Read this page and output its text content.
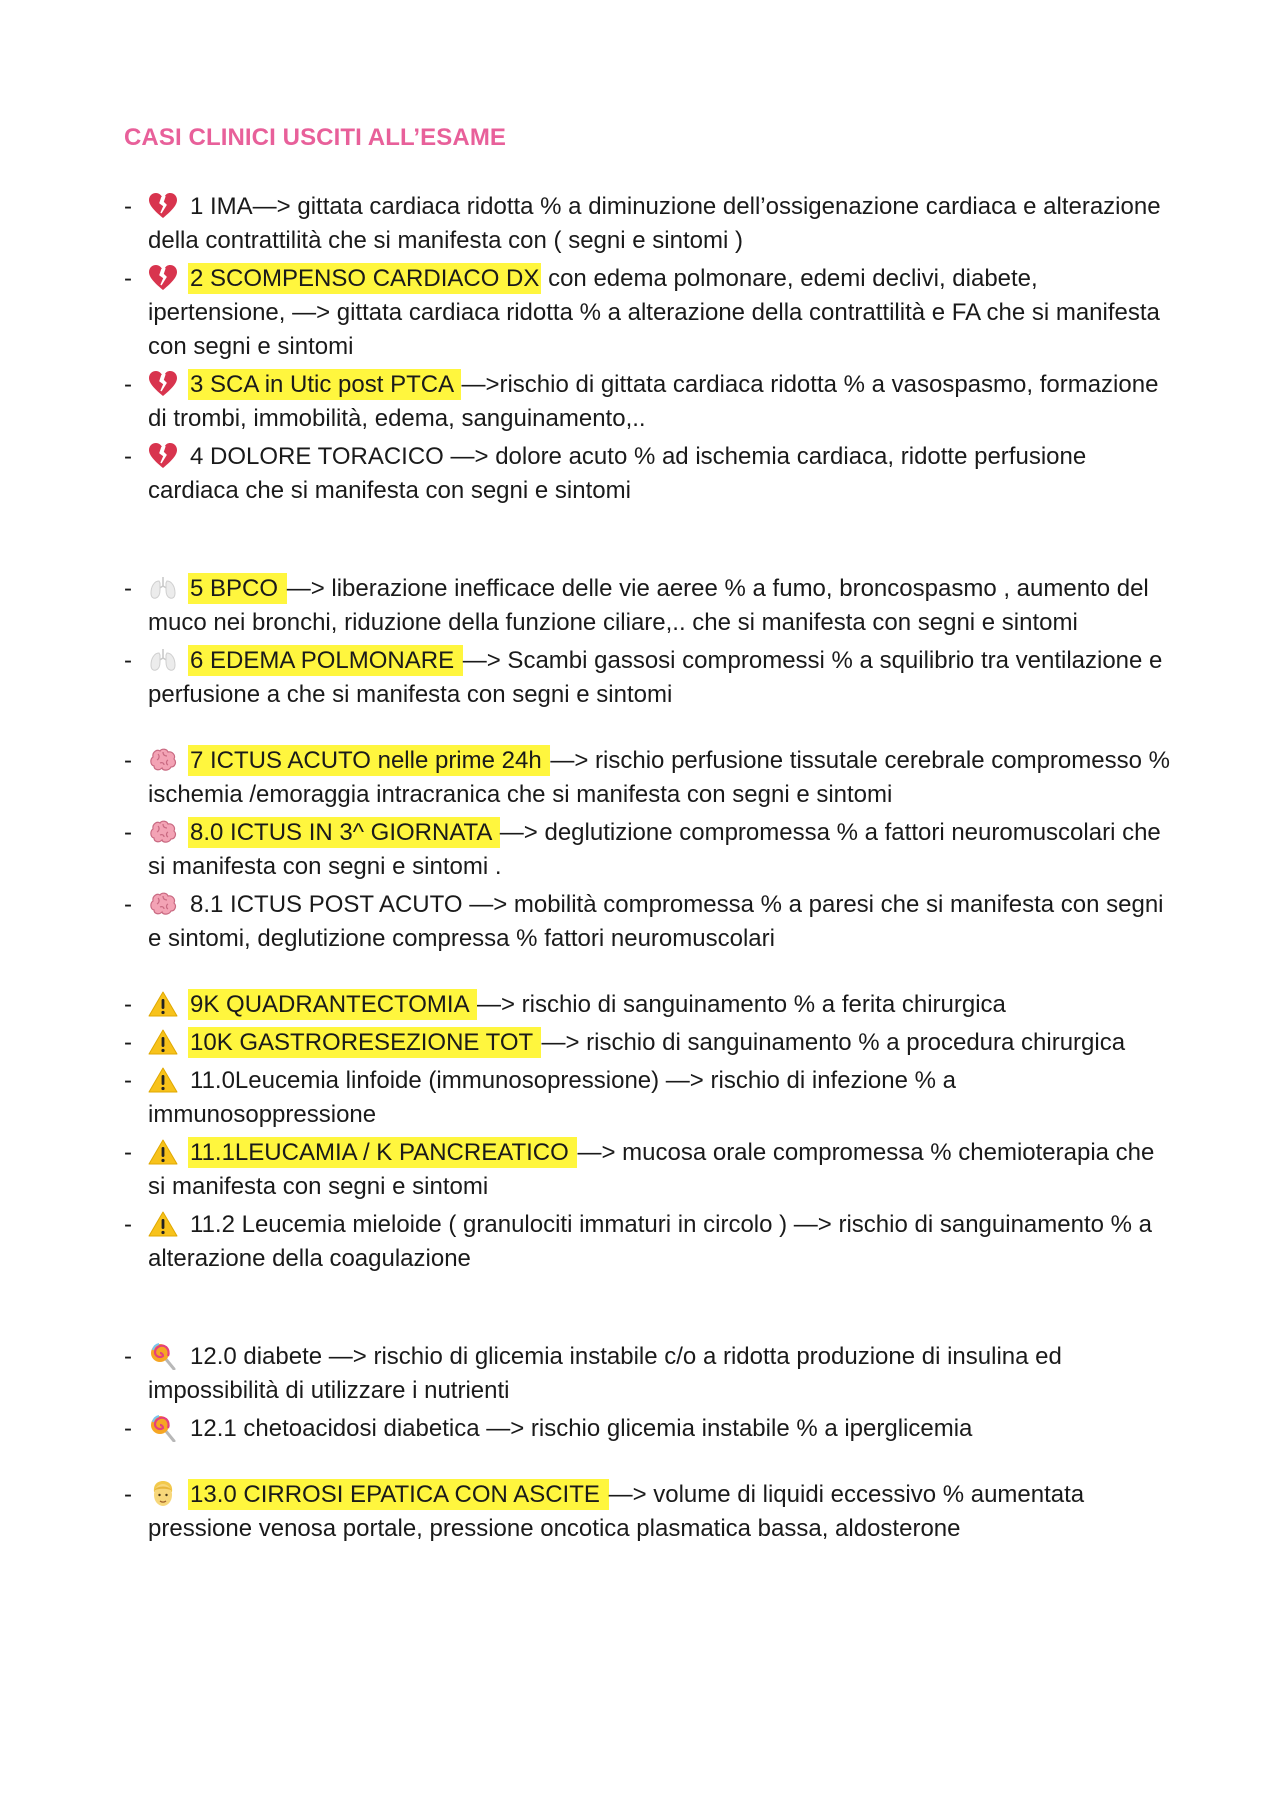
CASI CLINICI USCITI ALL’ESAME
- 1 IMA—> gittata cardiaca ridotta % a diminuzione dell’ossigenazione cardiaca e alterazione della contrattilità che si manifesta con ( segni e sintomi )
- 2 SCOMPENSO CARDIACO DX con edema polmonare, edemi declivi, diabete, ipertensione, —> gittata cardiaca ridotta % a alterazione della contrattilità e FA che si manifesta con segni e sintomi
- 3 SCA in Utic post PTCA —>rischio di gittata cardiaca ridotta % a vasospasmo, formazione di trombi, immobilità, edema, sanguinamento,..
- 4 DOLORE TORACICO —> dolore acuto % ad ischemia cardiaca, ridotte perfusione cardiaca che si manifesta con segni e sintomi
- 5 BPCO —> liberazione inefficace delle vie aeree % a fumo, broncospasmo , aumento del muco nei bronchi, riduzione della funzione ciliare,.. che si manifesta con segni e sintomi
- 6 EDEMA POLMONARE —> Scambi gassosi compromessi % a squilibrio tra ventilazione e perfusione a che si manifesta con segni e sintomi
- 7 ICTUS ACUTO nelle prime 24h —> rischio perfusione tissutale cerebrale compromesso % ischemia /emoraggia intracranica che si manifesta con segni e sintomi
- 8.0 ICTUS IN 3^ GIORNATA —> deglutizione compromessa % a fattori neuromuscolari che si manifesta con segni e sintomi .
- 8.1 ICTUS POST ACUTO —> mobilità compromessa % a paresi che si manifesta con segni e sintomi, deglutizione compressa % fattori neuromuscolari
- 9K QUADRANTECTOMIA —> rischio di sanguinamento % a ferita chirurgica
- 10K GASTRORESEZIONE TOT —> rischio di sanguinamento % a procedura chirurgica
- 11.0Leucemia linfoide (immunosopressione) —> rischio di infezione % a immunosoppressione
- 11.1LEUCAMIA / K PANCREATICO —> mucosa orale compromessa % chemioterapia che si manifesta con segni e sintomi
- 11.2 Leucemia mieloide ( granulociti immaturi in circolo ) —> rischio di sanguinamento % a alterazione della coagulazione
- 12.0 diabete —> rischio di glicemia instabile c/o a ridotta produzione di insulina ed impossibilità di utilizzare i nutrienti
- 12.1 chetoacidosi diabetica —> rischio glicemia instabile % a iperglicemia
- 13.0 CIRROSI EPATICA CON ASCITE —> volume di liquidi eccessivo % aumentata pressione venosa portale, pressione oncotica plasmatica bassa, aldosterone
